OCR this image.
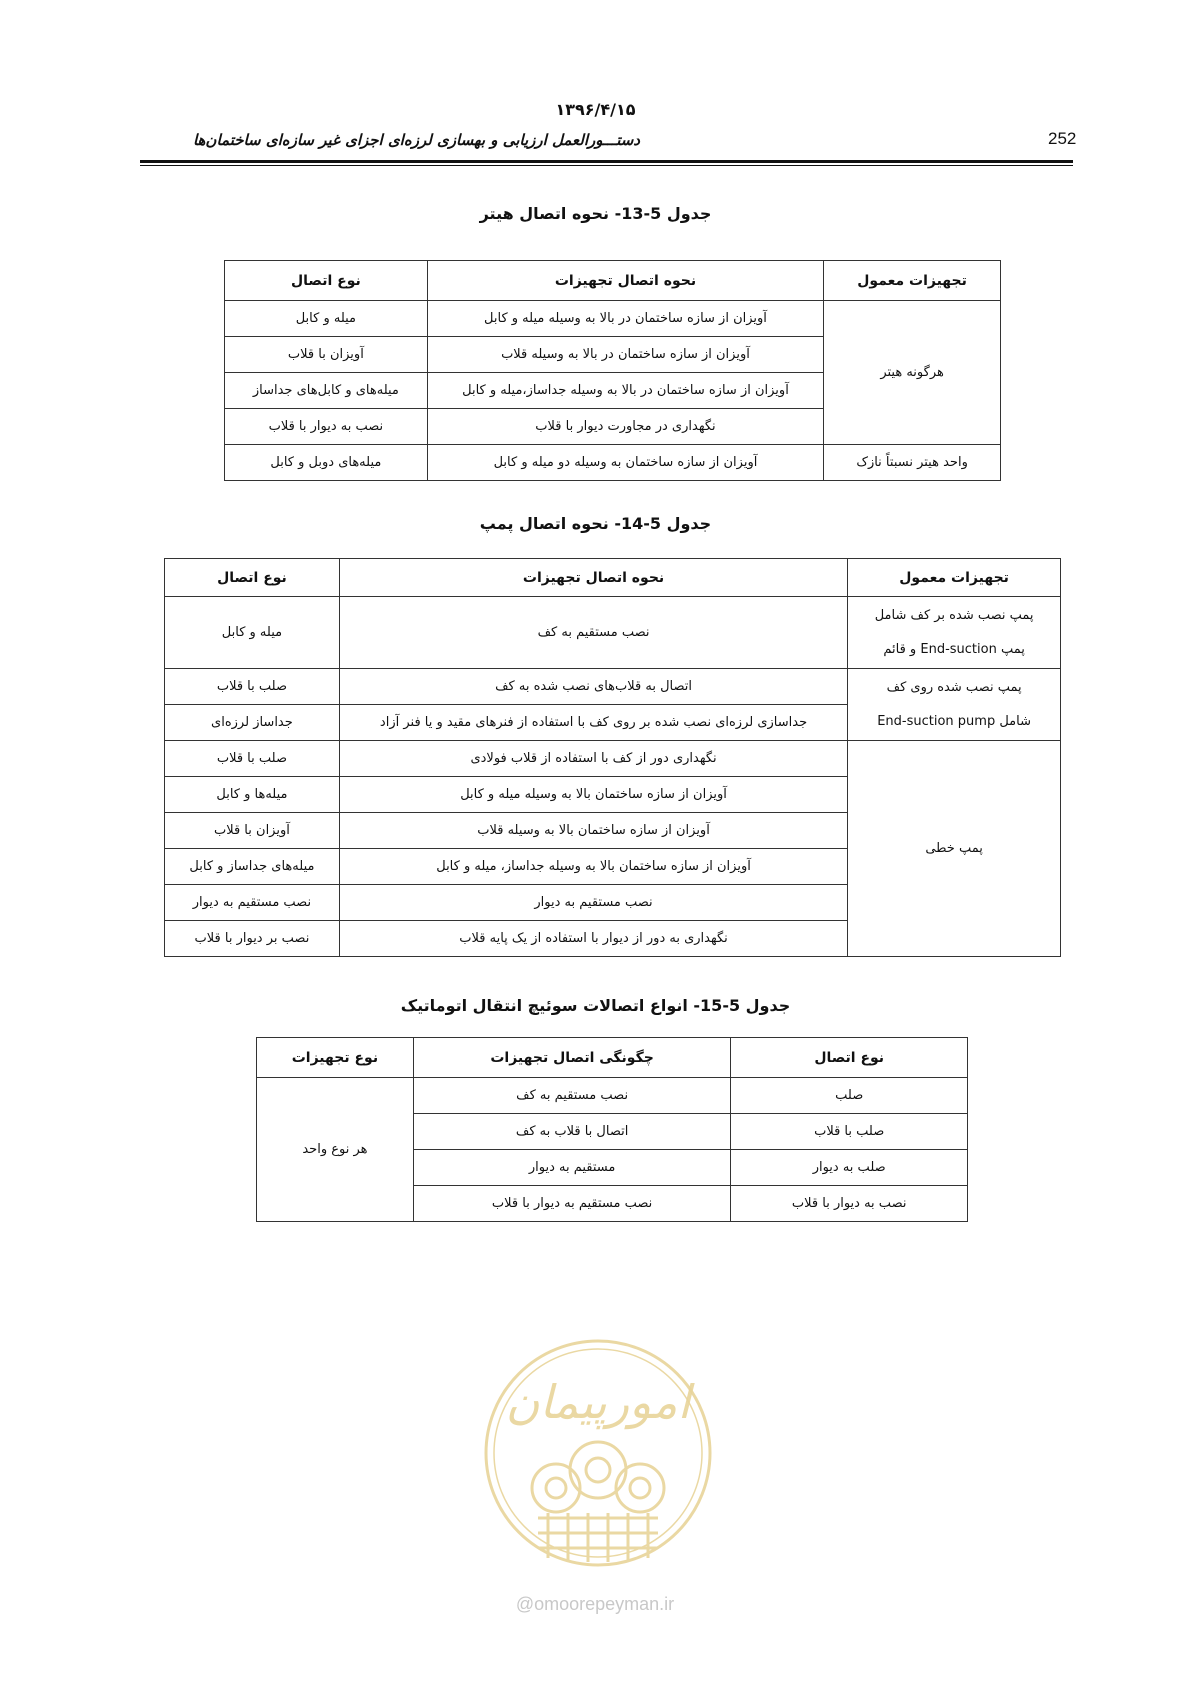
۱۳۹۶/۴/۱۵
252
دستـــورالعمل ارزیابی و بهسازی لرزه‌ای اجزای غیر سازه‌ای ساختمان‌ها
جدول 5-13- نحوه اتصال هیتر
تجهیزات معمول	نحوه اتصال تجهیزات	نوع اتصال
هرگونه هیتر	آویزان از سازه ساختمان در بالا به وسیله میله و کابل	میله و کابل
	آویزان از سازه ساختمان در بالا به وسیله قلاب	آویزان با قلاب
	آویزان از سازه ساختمان در بالا به وسیله جداساز،میله و کابل	میله‌های و کابل‌های جداساز
	نگهداری در مجاورت دیوار با قلاب	نصب به دیوار با قلاب
واحد هیتر نسبتاً نازک	آویزان از سازه ساختمان به وسیله دو میله و کابل	میله‌های دوبل و کابل
جدول 5-14- نحوه اتصال پمپ
تجهیزات معمول	نحوه اتصال تجهیزات	نوع اتصال

پمپ نصب شده بر کف شامل
پمپ End-suction و قائم	نصب مستقیم به کف	میله و کابل

پمپ نصب شده روی کف
شامل End-suction pump	اتصال به قلاب‌های نصب شده به کف	صلب با قلاب
	جداسازی لرزه‌ای نصب شده بر روی کف با استفاده از فنرهای مقید و یا فنر آزاد	جداساز لرزه‌ای
پمپ خطی	نگهداری دور از کف با استفاده از قلاب فولادی	صلب با قلاب
	آویزان از سازه ساختمان بالا به وسیله میله و کابل	میله‌ها و کابل
	آویزان از سازه ساختمان بالا به وسیله قلاب	آویزان با قلاب
	آویزان از سازه ساختمان بالا به وسیله جداساز، میله و کابل	میله‌های جداساز و کابل
	نصب مستقیم به دیوار	نصب مستقیم به دیوار
	نگهداری به دور از دیوار با استفاده از یک پایه قلاب	نصب بر دیوار با قلاب
جدول 5-15- انواع اتصالات سوئیچ انتقال اتوماتیک
نوع اتصال	چگونگی اتصال تجهیزات	نوع تجهیزات
صلب	نصب مستقیم به کف	هر نوع واحد
صلب با قلاب	اتصال با قلاب به کف	
صلب به دیوار	مستقیم به دیوار	
نصب به دیوار با قلاب	نصب مستقیم به دیوار با قلاب	
امورپیمان
@omoorepeyman.ir
